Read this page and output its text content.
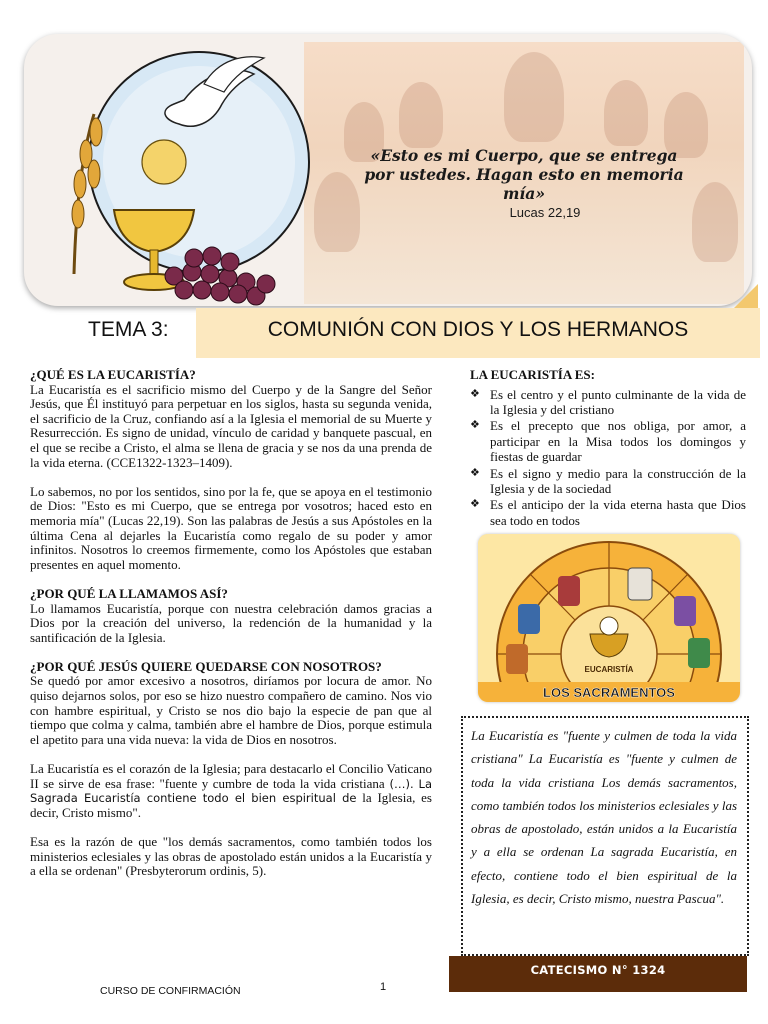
«Esto es mi Cuerpo, que se entrega por ustedes. Hagan esto en memoria mía»
Lucas 22,19
TEMA 3:	COMUNIÓN CON DIOS Y LOS HERMANOS
¿QUÉ ES LA EUCARISTÍA?

La Eucaristía es el sacrificio mismo del Cuerpo y de la Sangre del Señor Jesús, que Él instituyó para perpetuar en los siglos, hasta su segunda venida, el sacrificio de la Cruz, confiando así a la Iglesia el memorial de su Muerte y Resurrección. Es signo de unidad, vínculo de caridad y banquete pascual, en el que se recibe a Cristo, el alma se llena de gracia y se nos da una prenda de la vida eterna. (CCE1322-1323–1409).

Lo sabemos, no por los sentidos, sino por la fe, que se apoya en el testimonio de Dios: "Esto es mi Cuerpo, que se entrega por vosotros; haced esto en memoria mía" (Lucas 22,19). Son las palabras de Jesús a sus Apóstoles en la última Cena al dejarles la Eucaristía como regalo de su poder y amor infinitos. Nosotros lo creemos firmemente, como los Apóstoles que estaban presentes en aquel momento.

¿POR QUÉ LA LLAMAMOS ASÍ?

Lo llamamos Eucaristía, porque con nuestra celebración damos gracias a Dios por la creación del universo, la redención de la humanidad y la santificación de la Iglesia.

¿POR QUÉ JESÚS QUIERE QUEDARSE CON NOSOTROS?

Se quedó por amor excesivo a nosotros, diríamos por locura de amor. No quiso dejarnos solos, por eso se hizo nuestro compañero de camino. Nos vio con hambre espiritual, y Cristo se nos dio bajo la especie de pan que al tiempo que colma y calma, también abre el hambre de Dios, porque estimula el apetito para una vida nueva: la vida de Dios en nosotros.

La Eucaristía es el corazón de la Iglesia; para destacarlo el Concilio Vaticano II se sirve de esa frase: "fuente y cumbre de toda la vida cristiana (…). La Sagrada Eucaristía contiene todo el bien espiritual de la Iglesia, es decir, Cristo mismo".

Esa es la razón de que "los demás sacramentos, como también todos los ministerios eclesiales y las obras de apostolado están unidos a la Eucaristía y a ella se ordenan" (Presbyterorum ordinis, 5).

LA EUCARISTÍA ES:
❖ Es el centro y el punto culminante de la vida de la Iglesia y del cristiano
❖ Es el precepto que nos obliga, por amor, a participar en la Misa todos los domingos y fiestas de guardar
❖ Es el signo y medio para la construcción de la Iglesia y de la sociedad
❖ Es el anticipo der la vida eterna hasta que Dios sea todo en todos
EUCARISTÍA
LOS SACRAMENTOS
La Eucaristía es "fuente y culmen de toda la vida cristiana" La Eucaristía es "fuente y culmen de toda la vida cristiana Los demás sacramentos, como también todos los ministerios eclesiales y las obras de apostolado, están unidos a la Eucaristía y a ella se ordenan La sagrada Eucaristía, en efecto, contiene todo el bien espiritual de la Iglesia, es decir, Cristo mismo, nuestra Pascua".
CATECISMO N° 1324
CURSO DE CONFIRMACIÓN	1
